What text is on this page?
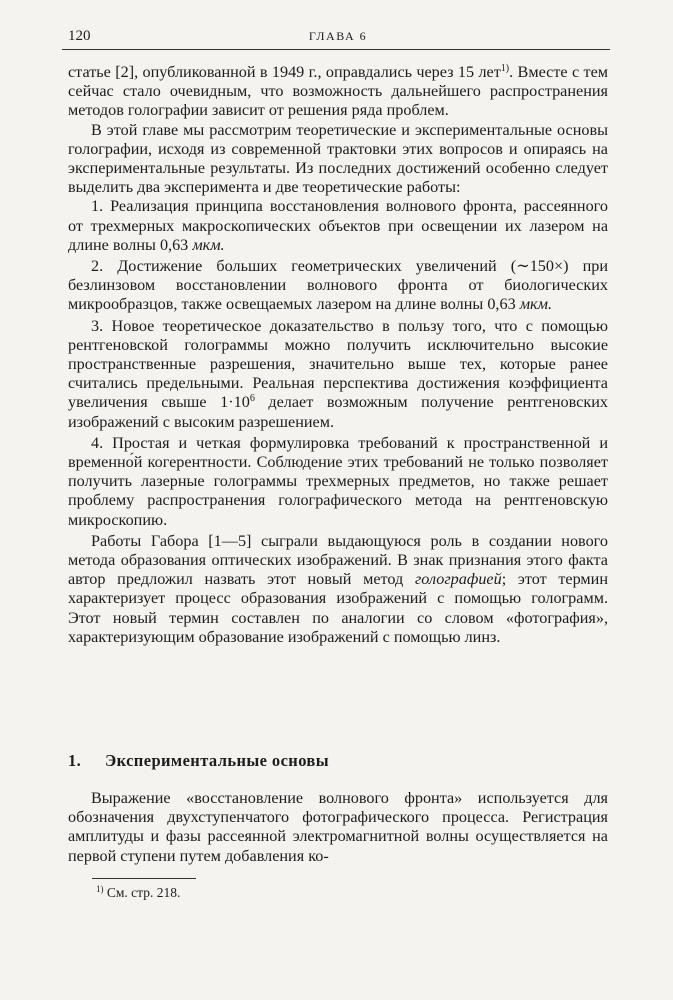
120	ГЛАВА 6

статье [2], опубликованной в 1949 г., оправдались через 15 лет$^{1)}$. Вместе с тем сейчас стало очевидным, что возможность дальнейшего распространения методов голографии зависит от решения ряда проблем.

В этой главе мы рассмотрим теоретические и экспериментальные основы голографии, исходя из современной трактовки этих вопросов и опираясь на экспериментальные результаты. Из последних достижений особенно следует выделить два эксперимента и две теоретические работы:

1. Реализация принципа восстановления волнового фронта, рассеянного от трехмерных макроскопических объектов при освещении их лазером на длине волны 0,63 мкм.

2. Достижение больших геометрических увеличений (∼150×) при безлинзовом восстановлении волнового фронта от биологических микрообразцов, также освещаемых лазером на длине волны 0,63 мкм.

3. Новое теоретическое доказательство в пользу того, что с помощью рентгеновской голограммы можно получить исключительно высокие пространственные разрешения, значительно выше тех, которые ранее считались предельными. Реальная перспектива достижения коэффициента увеличения свыше $1\cdot 10^6$ делает возможным получение рентгеновских изображений с высоким разрешением.

4. Простая и четкая формулировка требований к пространственной и временно́й когерентности. Соблюдение этих требований не только позволяет получить лазерные голограммы трехмерных предметов, но также решает проблему распространения голографического метода на рентгеновскую микроскопию.

Работы Габора [1—5] сыграли выдающуюся роль в создании нового метода образования оптических изображений. В знак признания этого факта автор предложил назвать этот новый метод голографией; этот термин характеризует процесс образования изображений с помощью голограмм. Этот новый термин составлен по аналогии со словом «фотография», характеризующим образование изображений с помощью линз.

1. Экспериментальные основы

Выражение «восстановление волнового фронта» используется для обозначения двухступенчатого фотографического процесса. Регистрация амплитуды и фазы рассеянной электромагнитной волны осуществляется на первой ступени путем добавления ко-

$^{1)}$ См. стр. 218.
